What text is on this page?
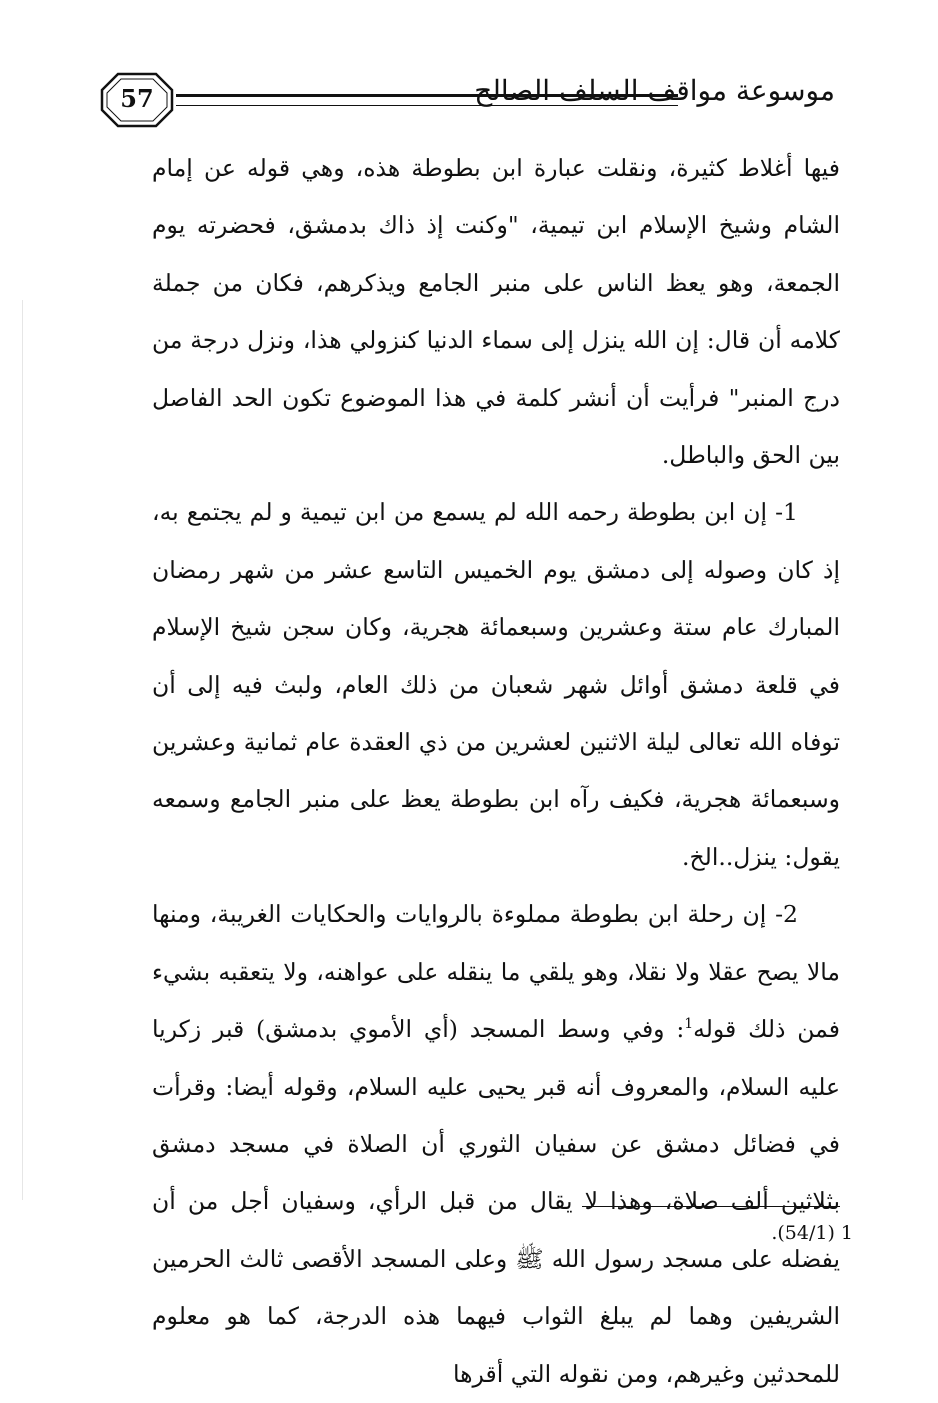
57	موسوعة مواقف السلف الصالح

فيها أغلاط كثيرة، ونقلت عبارة ابن بطوطة هذه، وهي قوله عن إمام الشام وشيخ الإسلام ابن تيمية، "وكنت إذ ذاك بدمشق، فحضرته يوم الجمعة، وهو يعظ الناس على منبر الجامع ويذكرهم، فكان من جملة كلامه أن قال: إن الله ينزل إلى سماء الدنيا كنزولي هذا، ونزل درجة من درج المنبر" فرأيت أن أنشر كلمة في هذا الموضوع تكون الحد الفاصل بين الحق والباطل.

1- إن ابن بطوطة رحمه الله لم يسمع من ابن تيمية و لم يجتمع به، إذ كان وصوله إلى دمشق يوم الخميس التاسع عشر من شهر رمضان المبارك عام ستة وعشرين وسبعمائة هجرية، وكان سجن شيخ الإسلام في قلعة دمشق أوائل شهر شعبان من ذلك العام، ولبث فيه إلى أن توفاه الله تعالى ليلة الاثنين لعشرين من ذي العقدة عام ثمانية وعشرين وسبعمائة هجرية، فكيف رآه ابن بطوطة يعظ على منبر الجامع وسمعه يقول: ينزل..الخ.

2- إن رحلة ابن بطوطة مملوءة بالروايات والحكايات الغريبة، ومنها مالا يصح عقلا ولا نقلا، وهو يلقي ما ينقله على عواهنه، ولا يتعقبه بشيء فمن ذلك قوله$^1$: وفي وسط المسجد (أي الأموي بدمشق) قبر زكريا عليه السلام، والمعروف أنه قبر يحيى عليه السلام، وقوله أيضا: وقرأت في فضائل دمشق عن سفيان الثوري أن الصلاة في مسجد دمشق بثلاثين ألف صلاة، وهذا لا يقال من قبل الرأي، وسفيان أجل من أن يفضله على مسجد رسول الله ﷺ وعلى المسجد الأقصى ثالث الحرمين الشريفين وهما لم يبلغ الثواب فيهما هذه الدرجة، كما هو معلوم للمحدثين وغيرهم، ومن نقوله التي أقرها

1 (54/1).
